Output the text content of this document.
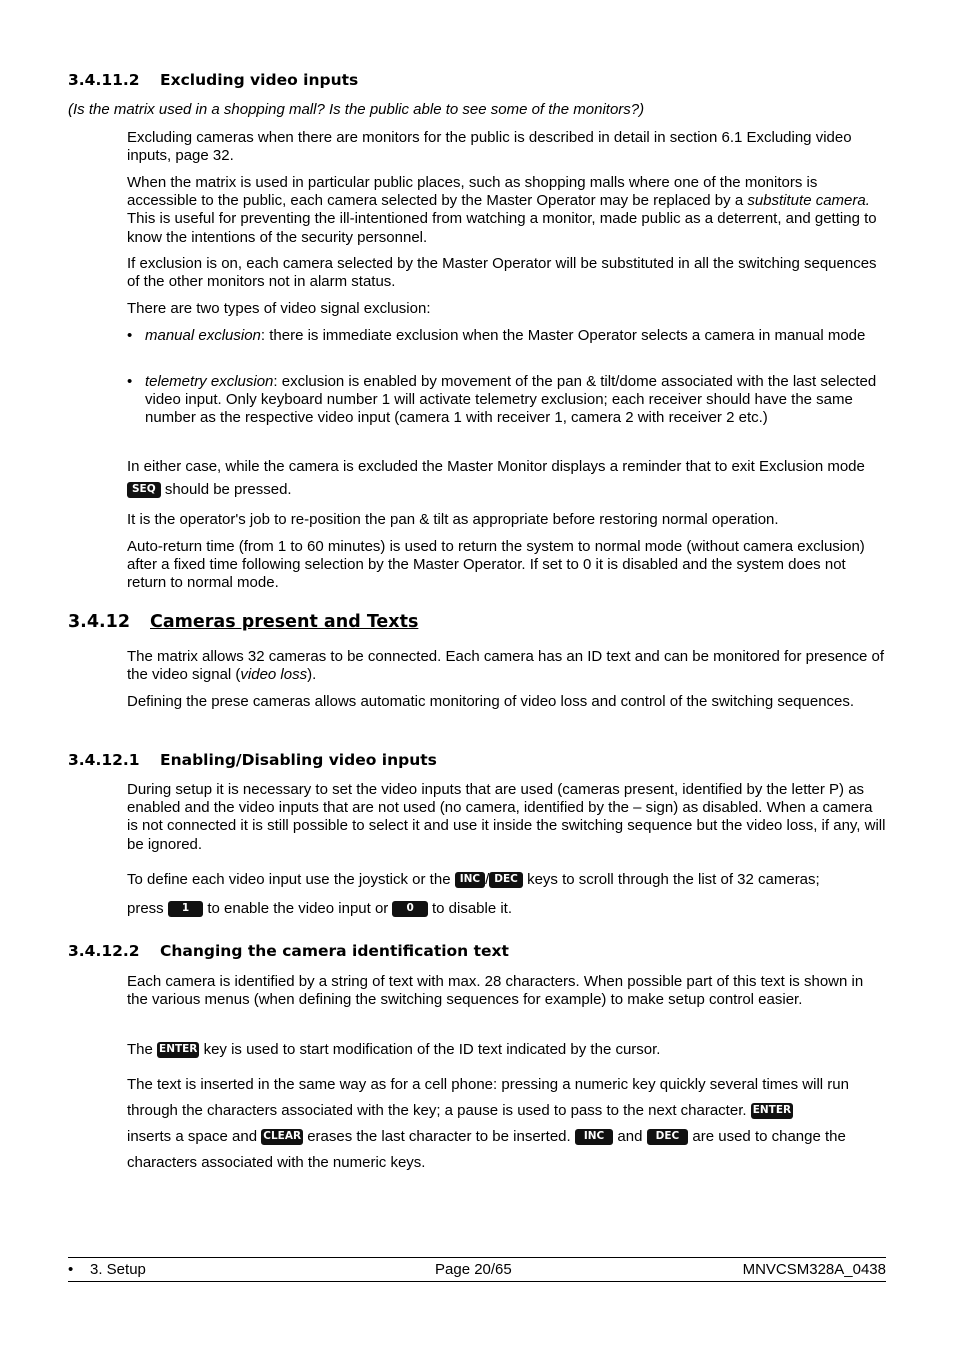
3.4.11.2 Excluding video inputs
(Is the matrix used in a shopping mall? Is the public able to see some of the monitors?)

Excluding cameras when there are monitors for the public is described in detail in section 6.1 Excluding video inputs, page 32.

When the matrix is used in particular public places, such as shopping malls where one of the monitors is accessible to the public, each camera selected by the Master Operator may be replaced by a substitute camera. This is useful for preventing the ill-intentioned from watching a monitor, made public as a deterrent, and getting to know the intentions of the security personnel.

If exclusion is on, each camera selected by the Master Operator will be substituted in all the switching sequences of the other monitors not in alarm status.

There are two types of video signal exclusion:

• manual exclusion: there is immediate exclusion when the Master Operator selects a camera in manual mode
• telemetry exclusion: exclusion is enabled by movement of the pan & tilt/dome associated with the last selected video input. Only keyboard number 1 will activate telemetry exclusion; each receiver should have the same number as the respective video input (camera 1 with receiver 1, camera 2 with receiver 2 etc.)

In either case, while the camera is excluded the Master Monitor displays a reminder that to exit Exclusion mode SEQ should be pressed.

It is the operator's job to re-position the pan & tilt as appropriate before restoring normal operation.

Auto-return time (from 1 to 60 minutes) is used to return the system to normal mode (without camera exclusion) after a fixed time following selection by the Master Operator. If set to 0 it is disabled and the system does not return to normal mode.

3.4.12 Cameras present and Texts

The matrix allows 32 cameras to be connected. Each camera has an ID text and can be monitored for presence of the video signal (video loss).

Defining the prese cameras allows automatic monitoring of video loss and control of the switching sequences.

3.4.12.1 Enabling/Disabling video inputs

During setup it is necessary to set the video inputs that are used (cameras present, identified by the letter P) as enabled and the video inputs that are not used (no camera, identified by the – sign) as disabled. When a camera is not connected it is still possible to select it and use it inside the switching sequence but the video loss, if any, will be ignored.

To define each video input use the joystick or the INC / DEC keys to scroll through the list of 32 cameras;
press 1 to enable the video input or 0 to disable it.

3.4.12.2 Changing the camera identification text

Each camera is identified by a string of text with max. 28 characters. When possible part of this text is shown in the various menus (when defining the switching sequences for example) to make setup control easier.

The ENTER key is used to start modification of the ID text indicated by the cursor.

The text is inserted in the same way as for a cell phone: pressing a numeric key quickly several times will run through the characters associated with the key; a pause is used to pass to the next character. ENTER
inserts a space and CLEAR erases the last character to be inserted. INC and DEC are used to change the characters associated with the numeric keys.

• 3. Setup	Page 20/65	MNVCSM328A_0438
